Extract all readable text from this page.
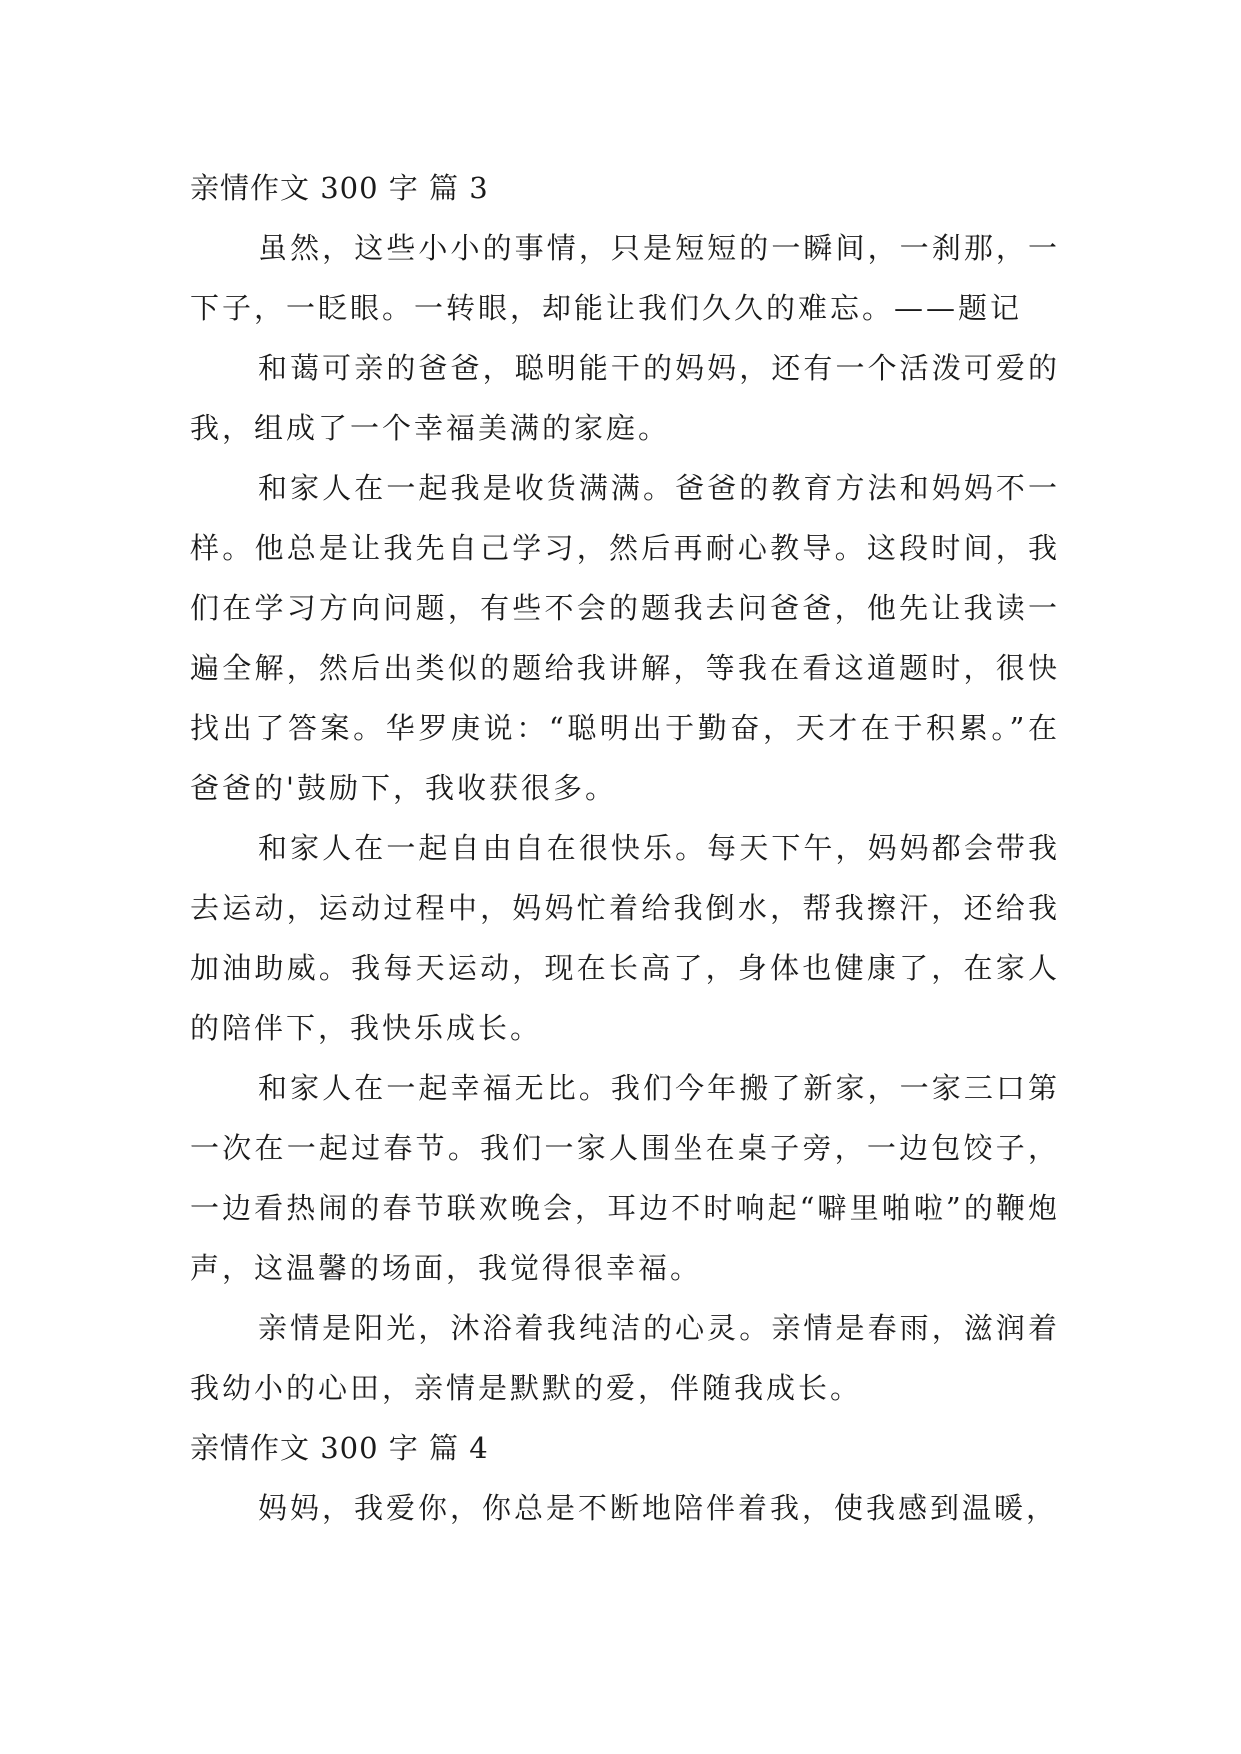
亲情作文 300 字 篇 3

虽然，这些小小的事情，只是短短的一瞬间，一刹那，一下子，一眨眼。一转眼，却能让我们久久的难忘。——题记

和蔼可亲的爸爸，聪明能干的妈妈，还有一个活泼可爱的我，组成了一个幸福美满的家庭。

和家人在一起我是收货满满。爸爸的教育方法和妈妈不一样。他总是让我先自己学习，然后再耐心教导。这段时间，我们在学习方向问题，有些不会的题我去问爸爸，他先让我读一遍全解，然后出类似的题给我讲解，等我在看这道题时，很快找出了答案。华罗庚说：“聪明出于勤奋，天才在于积累。”在爸爸的'鼓励下，我收获很多。

和家人在一起自由自在很快乐。每天下午，妈妈都会带我去运动，运动过程中，妈妈忙着给我倒水，帮我擦汗，还给我加油助威。我每天运动，现在长高了，身体也健康了，在家人的陪伴下，我快乐成长。

和家人在一起幸福无比。我们今年搬了新家，一家三口第一次在一起过春节。我们一家人围坐在桌子旁，一边包饺子，一边看热闹的春节联欢晚会，耳边不时响起“噼里啪啦”的鞭炮声，这温馨的场面，我觉得很幸福。

亲情是阳光，沐浴着我纯洁的心灵。亲情是春雨，滋润着我幼小的心田，亲情是默默的爱，伴随我成长。

亲情作文 300 字 篇 4

妈妈，我爱你，你总是不断地陪伴着我，使我感到温暖，
